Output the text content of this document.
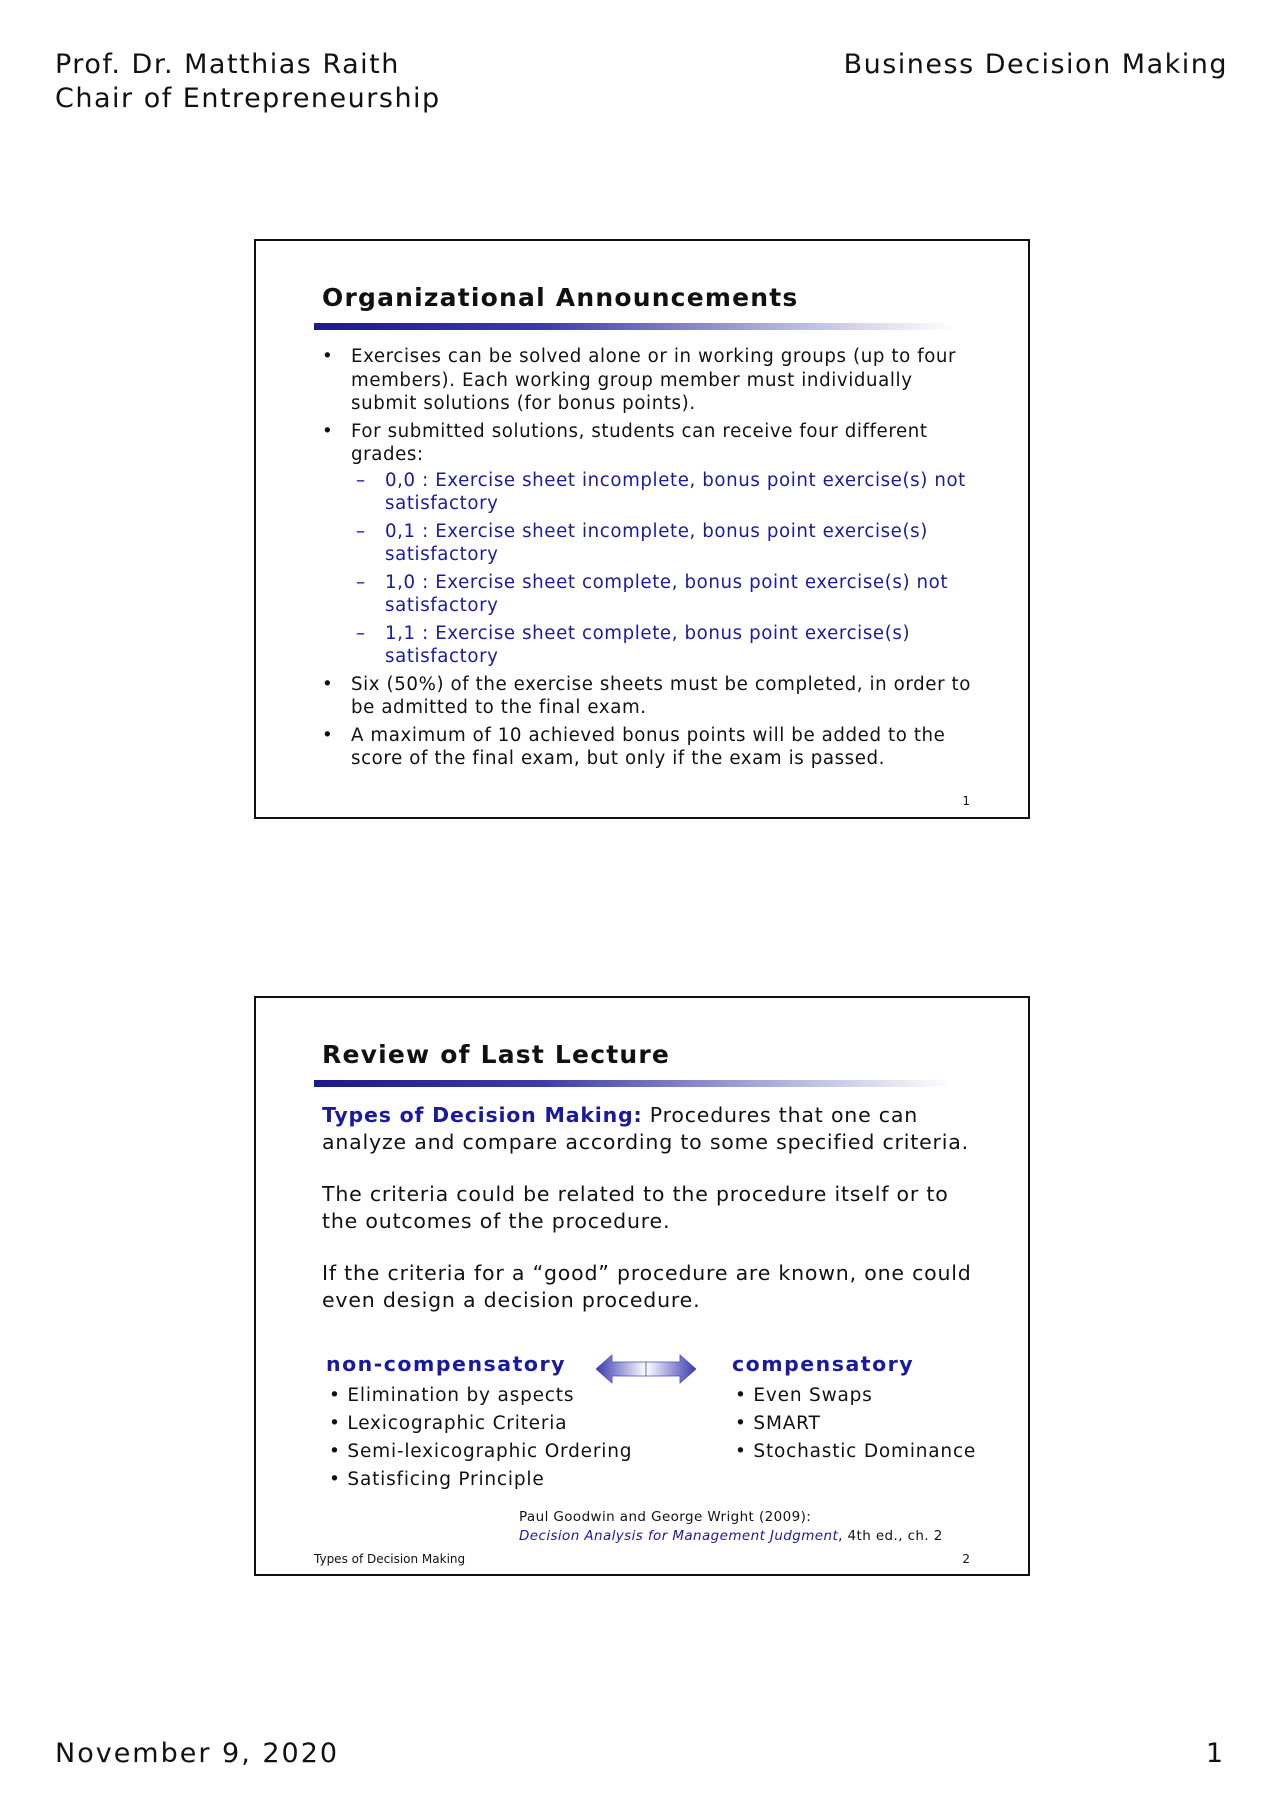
Prof. Dr. Matthias Raith
Chair of Entrepreneurship
Business Decision Making
Organizational Announcements
• Exercises can be solved alone or in working groups (up to four members). Each working group member must individually submit solutions (for bonus points).
• For submitted solutions, students can receive four different grades:
– 0,0 : Exercise sheet incomplete, bonus point exercise(s) not satisfactory
– 0,1 : Exercise sheet incomplete, bonus point exercise(s) satisfactory
– 1,0 : Exercise sheet complete, bonus point exercise(s) not satisfactory
– 1,1 : Exercise sheet complete, bonus point exercise(s) satisfactory
• Six (50%) of the exercise sheets must be completed, in order to be admitted to the final exam.
• A maximum of 10 achieved bonus points will be added to the score of the final exam, but only if the exam is passed.
1
Review of Last Lecture

Types of Decision Making: Procedures that one can analyze and compare according to some specified criteria.

The criteria could be related to the procedure itself or to the outcomes of the procedure.

If the criteria for a “good” procedure are known, one could even design a decision procedure.

non-compensatory
• Elimination by aspects
• Lexicographic Criteria
• Semi-lexicographic Ordering
• Satisficing Principle
compensatory
• Even Swaps
• SMART
• Stochastic Dominance
Paul Goodwin and George Wright (2009):
Decision Analysis for Management Judgment, 4th ed., ch. 2
Types of Decision Making	2
November 9, 2020	1
